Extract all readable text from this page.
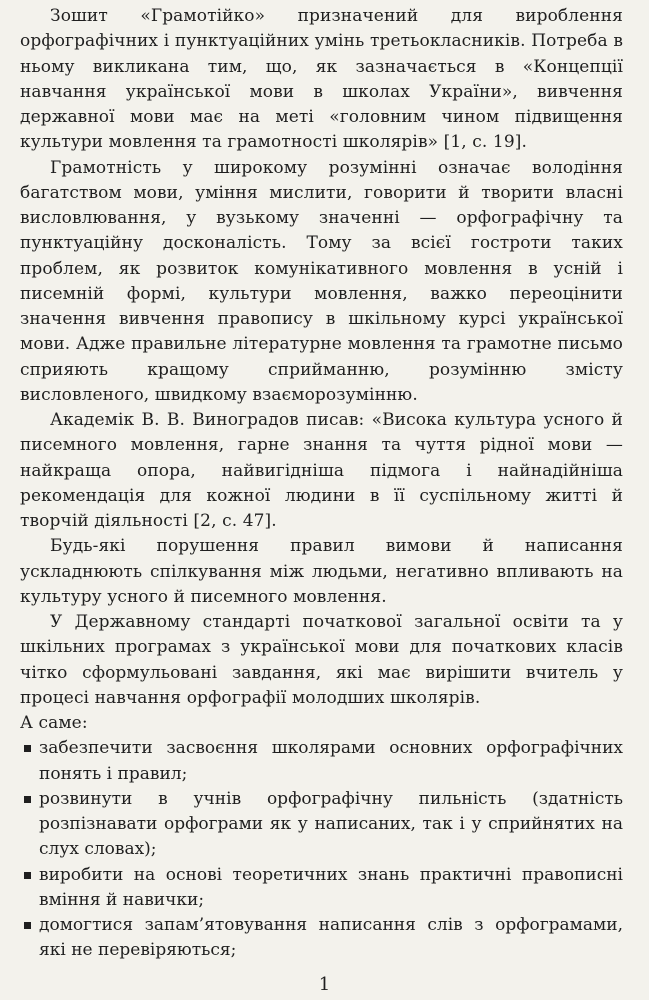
Зошит «Грамотійко» призначений для вироблення орфографічних і пунктуаційних умінь третьокласників. Потреба в ньому викликана тим, що, як зазначається в «Концепції навчання української мови в школах України», вивчення державної мови має на меті «головним чином підвищення культури мовлення та грамотності школярів» [1, с. 19].

Грамотність у широкому розумінні означає володіння багатством мови, уміння мислити, говорити й творити власні висловлювання, у вузькому значенні — орфографічну та пунктуаційну досконалість. Тому за всієї гостроти таких проблем, як розвиток комунікативного мовлення в усній і писемній формі, культури мовлення, важко переоцінити значення вивчення правопису в шкільному курсі української мови. Адже правильне літературне мовлення та грамотне письмо сприяють кращому сприйманню, розумінню змісту висловленого, швидкому взаєморозумінню.

Академік В. В. Виноградов писав: «Висока культура усного й писемного мовлення, гарне знання та чуття рідної мови — найкраща опора, найвигідніша підмога і найнадійніша рекомендація для кожної людини в її суспільному житті й творчій діяльності [2, с. 47].

Будь-які порушення правил вимови й написання ускладнюють спілкування між людьми, негативно впливають на культуру усного й писемного мовлення.

У Державному стандарті початкової загальної освіти та у шкільних програмах з української мови для початкових класів чітко сформульовані завдання, які має вирішити вчитель у процесі навчання орфографії молодших школярів.

А саме:

забезпечити засвоєння школярами основних орфографічних понять і правил;
розвинути в учнів орфографічну пильність (здатність розпізнавати орфограми як у написаних, так і у сприйнятих на слух словах);
виробити на основі теоретичних знань практичні правописні вміння й навички;
домогтися запам’ятовування написання слів з орфограмами, які не перевіряються;
1
